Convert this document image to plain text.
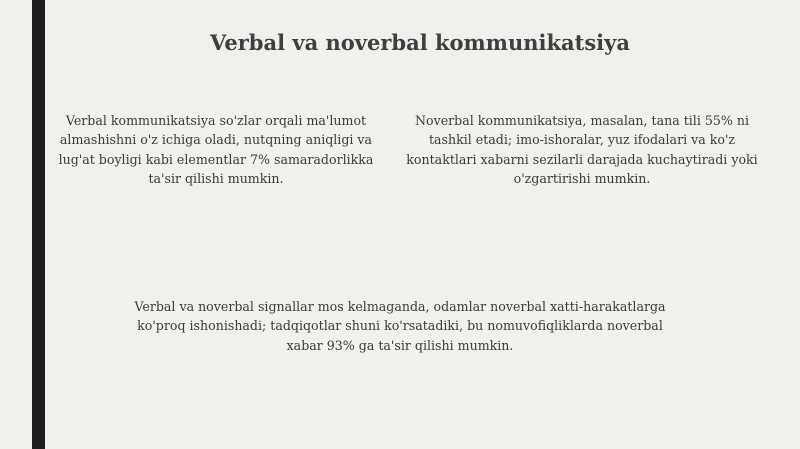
Verbal va noverbal kommunikatsiya
Verbal kommunikatsiya so'zlar orqali ma'lumot almashishni o'z ichiga oladi, nutqning aniqligi va lug'at boyligi kabi elementlar 7% samaradorlikka ta'sir qilishi mumkin.
Noverbal kommunikatsiya, masalan, tana tili 55% ni tashkil etadi; imo-ishoralar, yuz ifodalari va ko'z kontaktlari xabarni sezilarli darajada kuchaytiradi yoki o'zgartirishi mumkin.
Verbal va noverbal signallar mos kelmaganda, odamlar noverbal xatti-harakatlarga ko'proq ishonishadi; tadqiqotlar shuni ko'rsatadiki, bu nomuvofiqliklarda noverbal xabar 93% ga ta'sir qilishi mumkin.
